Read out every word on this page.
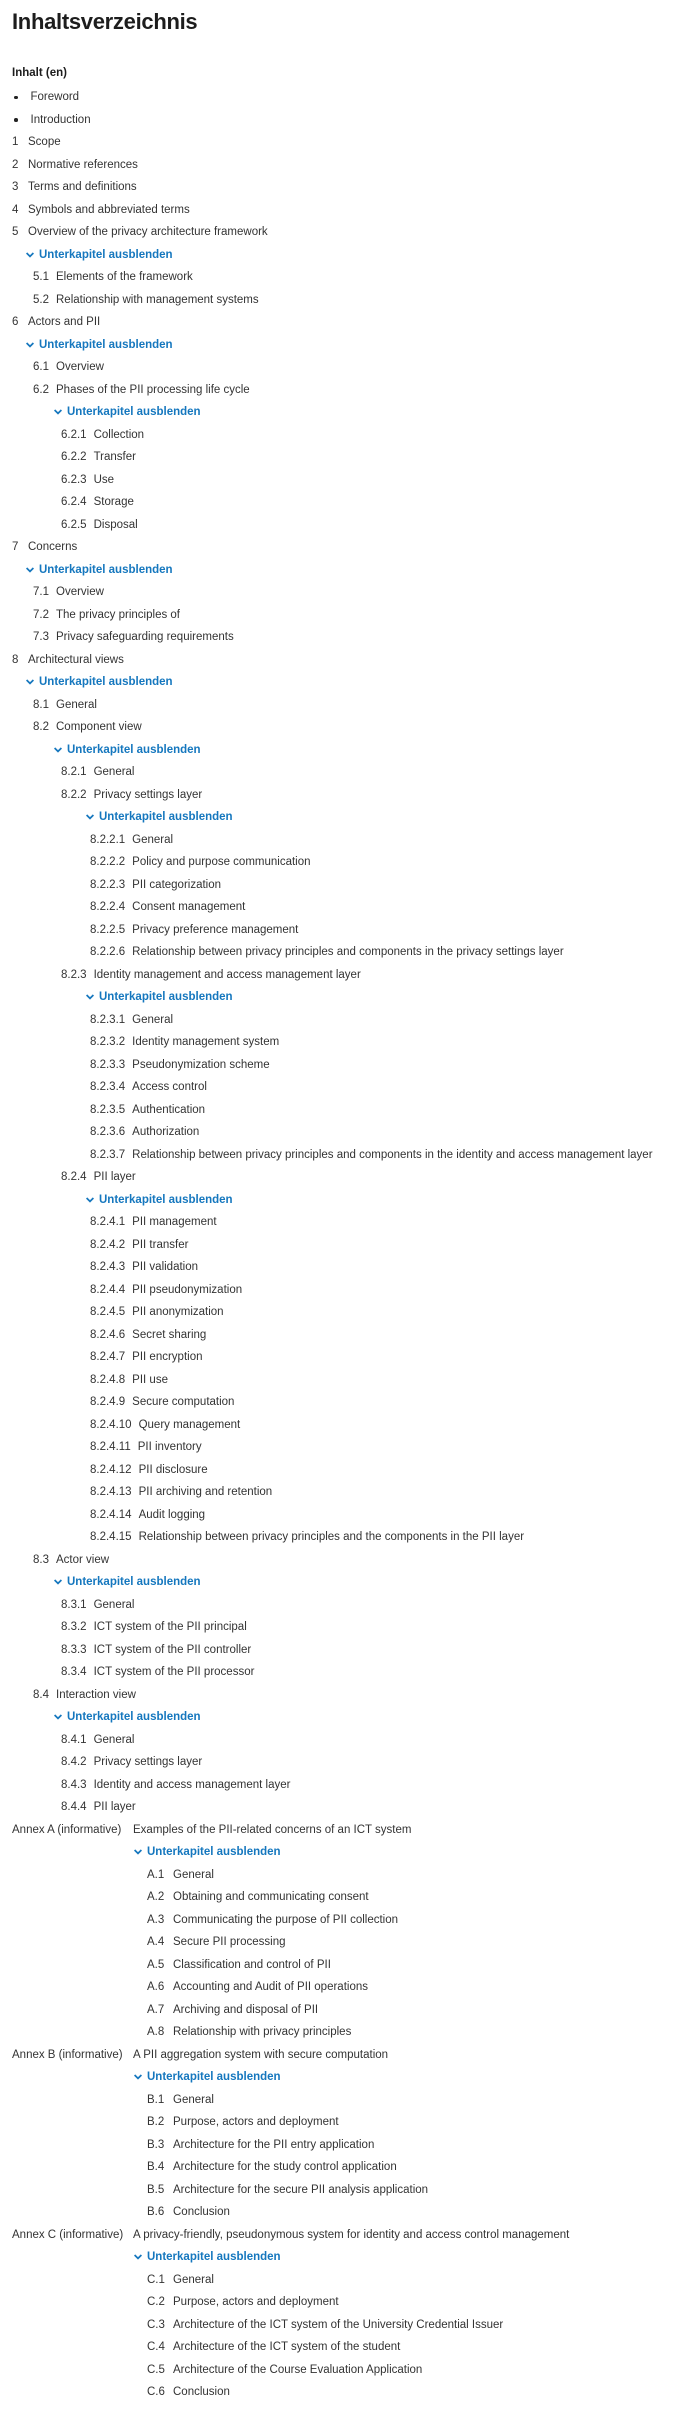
Inhaltsverzeichnis
Inhalt (en)
Foreword
Introduction
1 Scope
2 Normative references
3 Terms and definitions
4 Symbols and abbreviated terms
5 Overview of the privacy architecture framework
Unterkapitel ausblenden
5.1 Elements of the framework
5.2 Relationship with management systems
6 Actors and PII
Unterkapitel ausblenden
6.1 Overview
6.2 Phases of the PII processing life cycle
Unterkapitel ausblenden
6.2.1 Collection
6.2.2 Transfer
6.2.3 Use
6.2.4 Storage
6.2.5 Disposal
7 Concerns
Unterkapitel ausblenden
7.1 Overview
7.2 The privacy principles of
7.3 Privacy safeguarding requirements
8 Architectural views
Unterkapitel ausblenden
8.1 General
8.2 Component view
Unterkapitel ausblenden
8.2.1 General
8.2.2 Privacy settings layer
Unterkapitel ausblenden
8.2.2.1 General
8.2.2.2 Policy and purpose communication
8.2.2.3 PII categorization
8.2.2.4 Consent management
8.2.2.5 Privacy preference management
8.2.2.6 Relationship between privacy principles and components in the privacy settings layer
8.2.3 Identity management and access management layer
Unterkapitel ausblenden
8.2.3.1 General
8.2.3.2 Identity management system
8.2.3.3 Pseudonymization scheme
8.2.3.4 Access control
8.2.3.5 Authentication
8.2.3.6 Authorization
8.2.3.7 Relationship between privacy principles and components in the identity and access management layer
8.2.4 PII layer
Unterkapitel ausblenden
8.2.4.1 PII management
8.2.4.2 PII transfer
8.2.4.3 PII validation
8.2.4.4 PII pseudonymization
8.2.4.5 PII anonymization
8.2.4.6 Secret sharing
8.2.4.7 PII encryption
8.2.4.8 PII use
8.2.4.9 Secure computation
8.2.4.10 Query management
8.2.4.11 PII inventory
8.2.4.12 PII disclosure
8.2.4.13 PII archiving and retention
8.2.4.14 Audit logging
8.2.4.15 Relationship between privacy principles and the components in the PII layer
8.3 Actor view
Unterkapitel ausblenden
8.3.1 General
8.3.2 ICT system of the PII principal
8.3.3 ICT system of the PII controller
8.3.4 ICT system of the PII processor
8.4 Interaction view
Unterkapitel ausblenden
8.4.1 General
8.4.2 Privacy settings layer
8.4.3 Identity and access management layer
8.4.4 PII layer
Annex A (informative)	Examples of the PII-related concerns of an ICT system
Unterkapitel ausblenden
A.1 General
A.2 Obtaining and communicating consent
A.3 Communicating the purpose of PII collection
A.4 Secure PII processing
A.5 Classification and control of PII
A.6 Accounting and Audit of PII operations
A.7 Archiving and disposal of PII
A.8 Relationship with privacy principles
Annex B (informative) A PII aggregation system with secure computation
Unterkapitel ausblenden
B.1 General
B.2 Purpose, actors and deployment
B.3 Architecture for the PII entry application
B.4 Architecture for the study control application
B.5 Architecture for the secure PII analysis application
B.6 Conclusion
Annex C (informative) A privacy-friendly, pseudonymous system for identity and access control management
Unterkapitel ausblenden
C.1 General
C.2 Purpose, actors and deployment
C.3 Architecture of the ICT system of the University Credential Issuer
C.4 Architecture of the ICT system of the student
C.5 Architecture of the Course Evaluation Application
C.6 Conclusion
